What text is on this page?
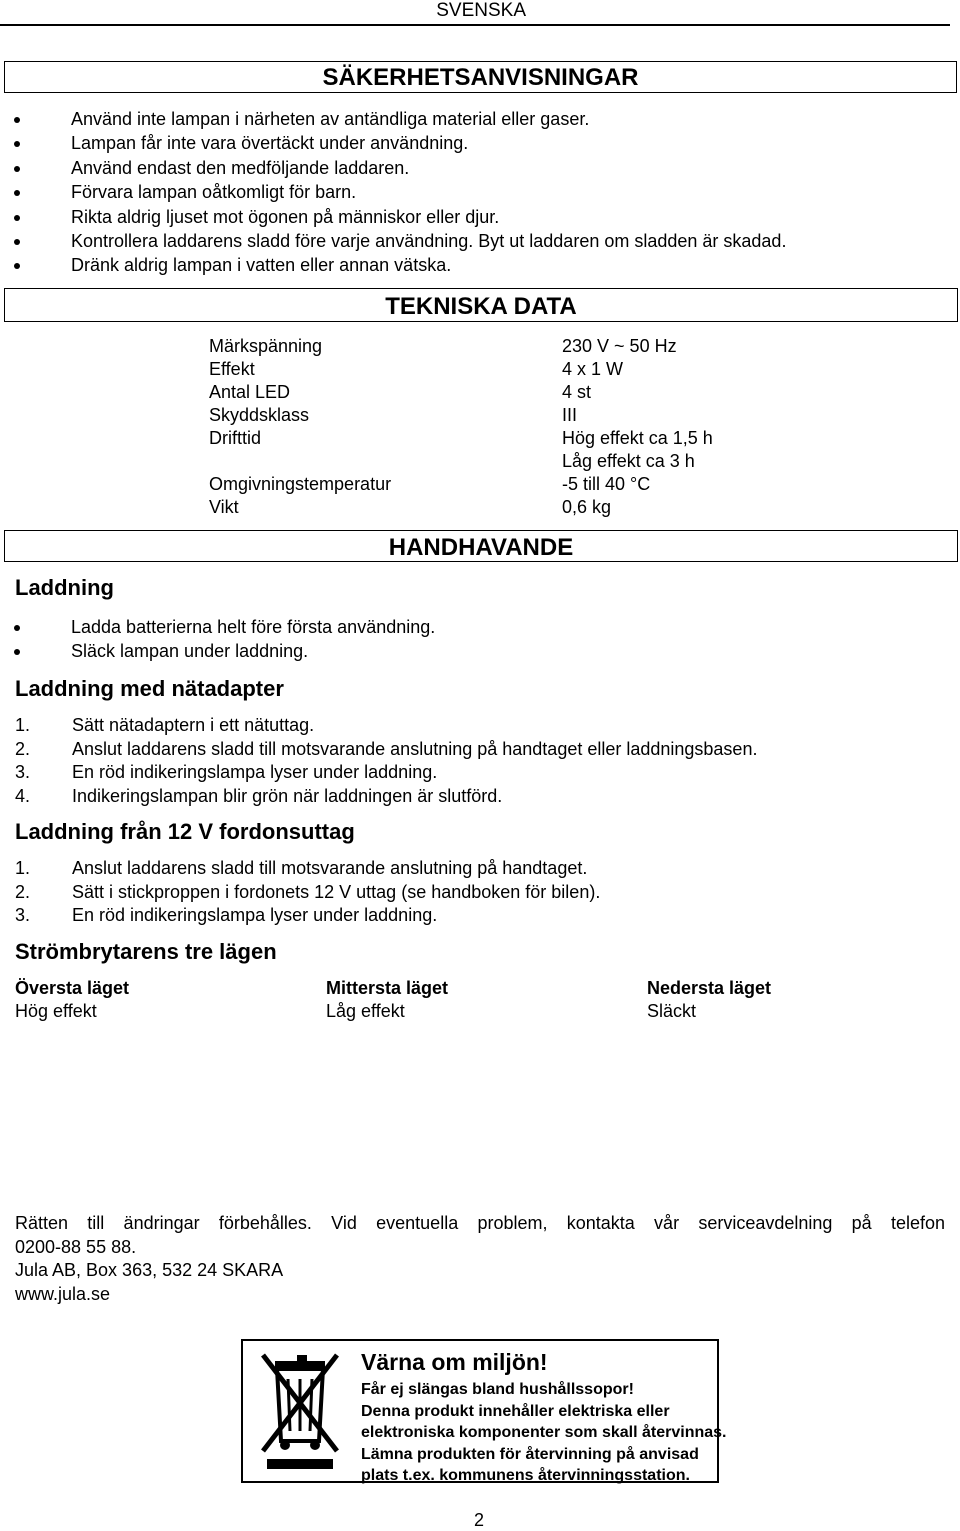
SVENSKA
SÄKERHETSANVISNINGAR
Använd inte lampan i närheten av antändliga material eller gaser.
Lampan får inte vara övertäckt under användning.
Använd endast den medföljande laddaren.
Förvara lampan oåtkomligt för barn.
Rikta aldrig ljuset mot ögonen på människor eller djur.
Kontrollera laddarens sladd före varje användning. Byt ut laddaren om sladden är skadad.
Dränk aldrig lampan i vatten eller annan vätska.
TEKNISKA DATA
Märkspänning
Effekt
Antal LED
Skyddsklass
Drifttid

Omgivningstemperatur
Vikt
230 V ~ 50 Hz
4 x 1 W
4 st
III
Hög effekt ca 1,5 h
Låg effekt ca 3 h
-5 till 40 °C
0,6 kg
HANDHAVANDE
Laddning
Ladda batterierna helt före första användning.
Släck lampan under laddning.
Laddning med nätadapter
1. Sätt nätadaptern i ett nätuttag.
2. Anslut laddarens sladd till motsvarande anslutning på handtaget eller laddningsbasen.
3. En röd indikeringslampa lyser under laddning.
4. Indikeringslampan blir grön när laddningen är slutförd.
Laddning från 12 V fordonsuttag
1. Anslut laddarens sladd till motsvarande anslutning på handtaget.
2. Sätt i stickproppen i fordonets 12 V uttag (se handboken för bilen).
3. En röd indikeringslampa lyser under laddning.
Strömbrytarens tre lägen
Översta läget
Hög effekt
Mittersta läget
Låg effekt
Nedersta läget
Släckt
Rätten till ändringar förbehålles. Vid eventuella problem, kontakta vår serviceavdelning på telefon
0200-88 55 88.
Jula AB, Box 363, 532 24 SKARA
www.jula.se
Värna om miljön!
Får ej slängas bland hushållssopor!
Denna produkt innehåller elektriska eller
elektroniska komponenter som skall återvinnas.
Lämna produkten för återvinning på anvisad
plats t.ex. kommunens återvinningsstation.
2
